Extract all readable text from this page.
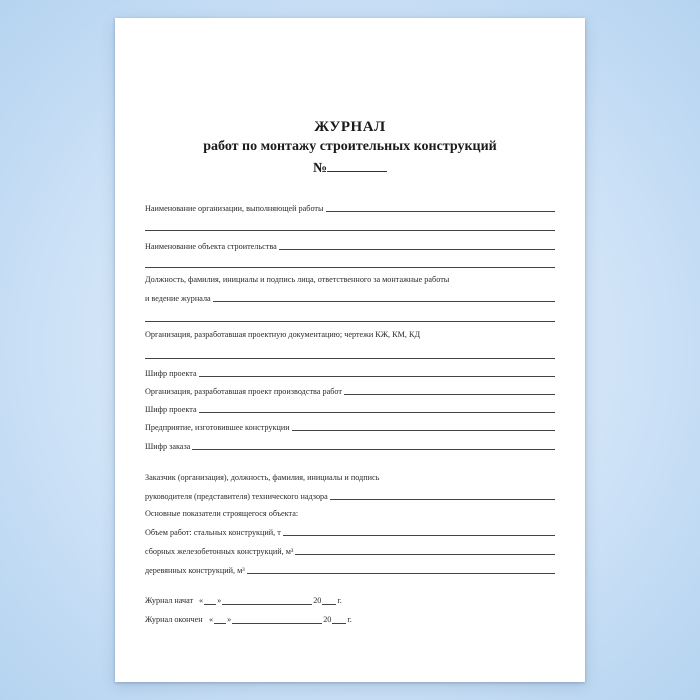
ЖУРНАЛ
работ по монтажу строительных конструкций
№
Наименование организации, выполняющей работы
Наименование объекта строительства
Должность, фамилия, инициалы и подпись лица, ответственного за монтажные работы
и ведение журнала
Организация, разработавшая проектную документацию; чертежи КЖ, КМ, КД
Шифр проекта
Организация, разработавшая проект производства работ
Шифр проекта
Предприятие, изготовившее конструкции
Шифр заказа
Заказчик (организация), должность, фамилия, инициалы и подпись
руководителя (представителя) технического надзора
Основные показатели строящегося объекта:
Объем работ: стальных конструкций, т
сборных железобетонных конструкций, м³
деревянных конструкций, м³
Журнал начат « »	20 г.
Журнал окончен « »	20 г.
